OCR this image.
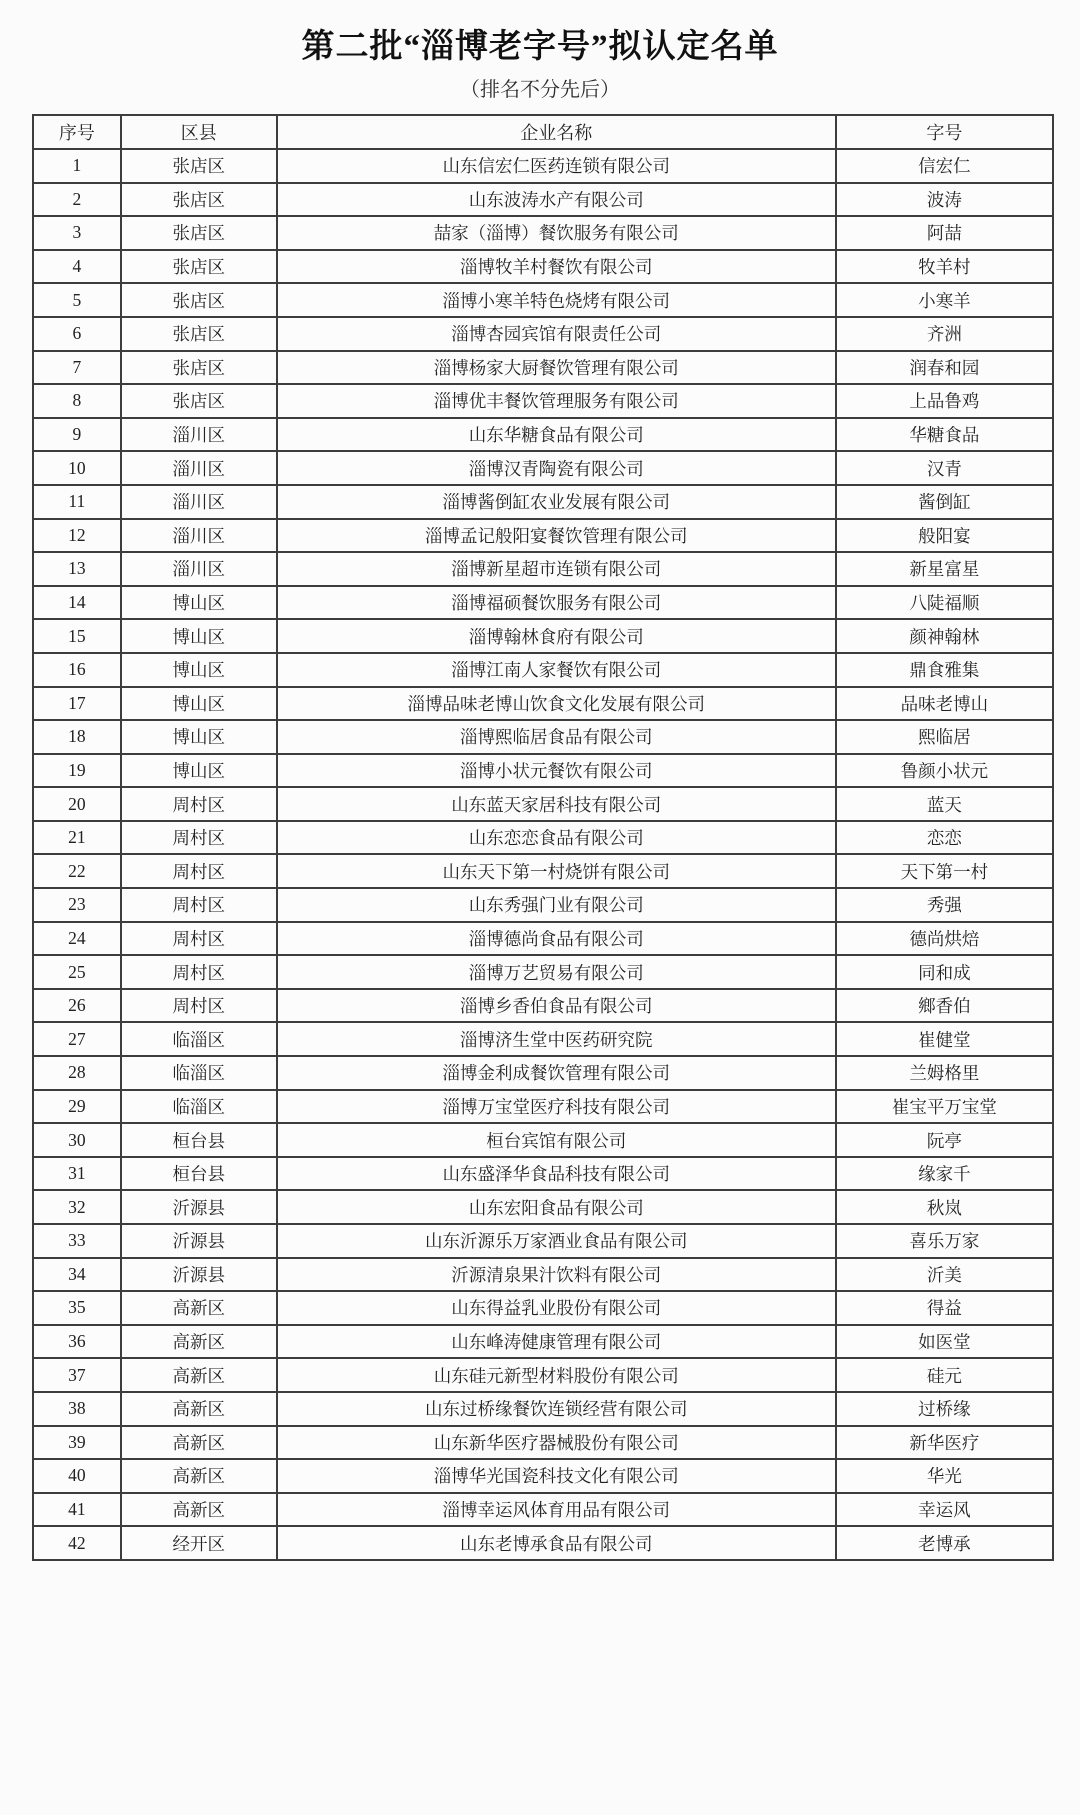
第二批“淄博老字号”拟认定名单
（排名不分先后）
序号	区县	企业名称	字号
1	张店区	山东信宏仁医药连锁有限公司	信宏仁
2	张店区	山东波涛水产有限公司	波涛
3	张店区	喆家（淄博）餐饮服务有限公司	阿喆
4	张店区	淄博牧羊村餐饮有限公司	牧羊村
5	张店区	淄博小寒羊特色烧烤有限公司	小寒羊
6	张店区	淄博杏园宾馆有限责任公司	齐洲
7	张店区	淄博杨家大厨餐饮管理有限公司	润春和园
8	张店区	淄博优丰餐饮管理服务有限公司	上品鲁鸡
9	淄川区	山东华糖食品有限公司	华糖食品
10	淄川区	淄博汉青陶瓷有限公司	汉青
11	淄川区	淄博酱倒缸农业发展有限公司	酱倒缸
12	淄川区	淄博孟记般阳宴餐饮管理有限公司	般阳宴
13	淄川区	淄博新星超市连锁有限公司	新星富星
14	博山区	淄博福硕餐饮服务有限公司	八陡福顺
15	博山区	淄博翰林食府有限公司	颜神翰林
16	博山区	淄博江南人家餐饮有限公司	鼎食雅集
17	博山区	淄博品味老博山饮食文化发展有限公司	品味老博山
18	博山区	淄博熙临居食品有限公司	熙临居
19	博山区	淄博小状元餐饮有限公司	鲁颜小状元
20	周村区	山东蓝天家居科技有限公司	蓝天
21	周村区	山东恋恋食品有限公司	恋恋
22	周村区	山东天下第一村烧饼有限公司	天下第一村
23	周村区	山东秀强门业有限公司	秀强
24	周村区	淄博德尚食品有限公司	德尚烘焙
25	周村区	淄博万艺贸易有限公司	同和成
26	周村区	淄博乡香伯食品有限公司	鄉香伯
27	临淄区	淄博济生堂中医药研究院	崔健堂
28	临淄区	淄博金利成餐饮管理有限公司	兰姆格里
29	临淄区	淄博万宝堂医疗科技有限公司	崔宝平万宝堂
30	桓台县	桓台宾馆有限公司	阮亭
31	桓台县	山东盛泽华食品科技有限公司	缘家千
32	沂源县	山东宏阳食品有限公司	秋岚
33	沂源县	山东沂源乐万家酒业食品有限公司	喜乐万家
34	沂源县	沂源清泉果汁饮料有限公司	沂美
35	高新区	山东得益乳业股份有限公司	得益
36	高新区	山东峰涛健康管理有限公司	如医堂
37	高新区	山东硅元新型材料股份有限公司	硅元
38	高新区	山东过桥缘餐饮连锁经营有限公司	过桥缘
39	高新区	山东新华医疗器械股份有限公司	新华医疗
40	高新区	淄博华光国瓷科技文化有限公司	华光
41	高新区	淄博幸运风体育用品有限公司	幸运风
42	经开区	山东老博承食品有限公司	老博承
